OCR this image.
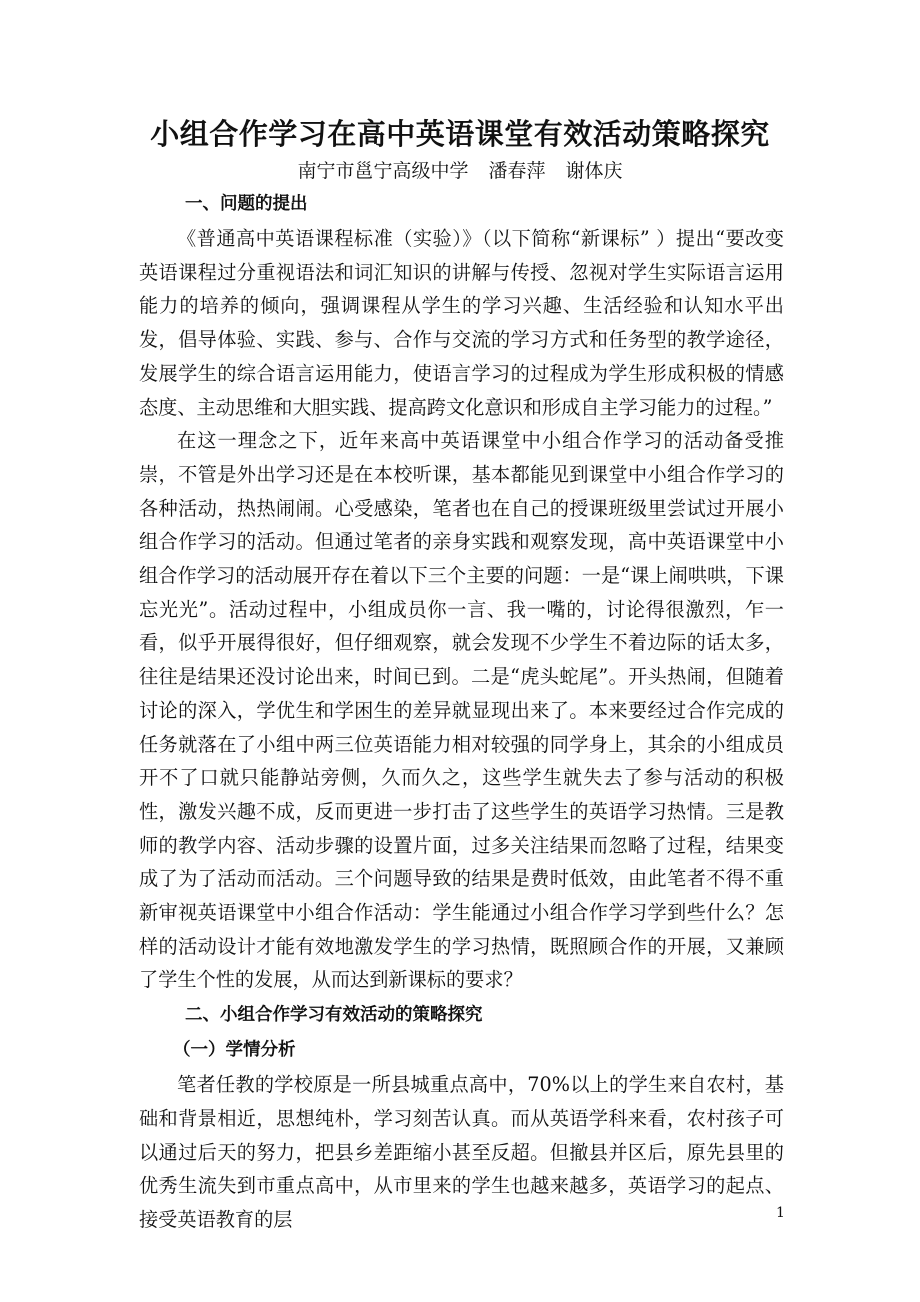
小组合作学习在高中英语课堂有效活动策略探究
南宁市邕宁高级中学 潘春萍 谢体庆
一、问题的提出

《普通高中英语课程标准（实验）》（以下简称“新课标” ）提出“要改变英语课程过分重视语法和词汇知识的讲解与传授、忽视对学生实际语言运用能力的培养的倾向，强调课程从学生的学习兴趣、生活经验和认知水平出发，倡导体验、实践、参与、合作与交流的学习方式和任务型的教学途径，发展学生的综合语言运用能力，使语言学习的过程成为学生形成积极的情感态度、主动思维和大胆实践、提高跨文化意识和形成自主学习能力的过程。”

在这一理念之下，近年来高中英语课堂中小组合作学习的活动备受推崇，不管是外出学习还是在本校听课，基本都能见到课堂中小组合作学习的各种活动，热热闹闹。心受感染，笔者也在自己的授课班级里尝试过开展小组合作学习的活动。但通过笔者的亲身实践和观察发现，高中英语课堂中小组合作学习的活动展开存在着以下三个主要的问题：一是“课上闹哄哄，下课忘光光”。活动过程中，小组成员你一言、我一嘴的，讨论得很激烈，乍一看，似乎开展得很好，但仔细观察，就会发现不少学生不着边际的话太多，往往是结果还没讨论出来，时间已到。二是“虎头蛇尾”。开头热闹，但随着讨论的深入，学优生和学困生的差异就显现出来了。本来要经过合作完成的任务就落在了小组中两三位英语能力相对较强的同学身上，其余的小组成员开不了口就只能静站旁侧，久而久之，这些学生就失去了参与活动的积极性，激发兴趣不成，反而更进一步打击了这些学生的英语学习热情。三是教师的教学内容、活动步骤的设置片面，过多关注结果而忽略了过程，结果变成了为了活动而活动。三个问题导致的结果是费时低效，由此笔者不得不重新审视英语课堂中小组合作活动：学生能通过小组合作学习学到些什么？怎样的活动设计才能有效地激发学生的学习热情，既照顾合作的开展，又兼顾了学生个性的发展，从而达到新课标的要求？

二、小组合作学习有效活动的策略探究
（一）学情分析

笔者任教的学校原是一所县城重点高中，70%以上的学生来自农村，基础和背景相近，思想纯朴，学习刻苦认真。而从英语学科来看，农村孩子可以通过后天的努力，把县乡差距缩小甚至反超。但撤县并区后，原先县里的优秀生流失到市重点高中，从市里来的学生也越来越多，英语学习的起点、接受英语教育的层	1
